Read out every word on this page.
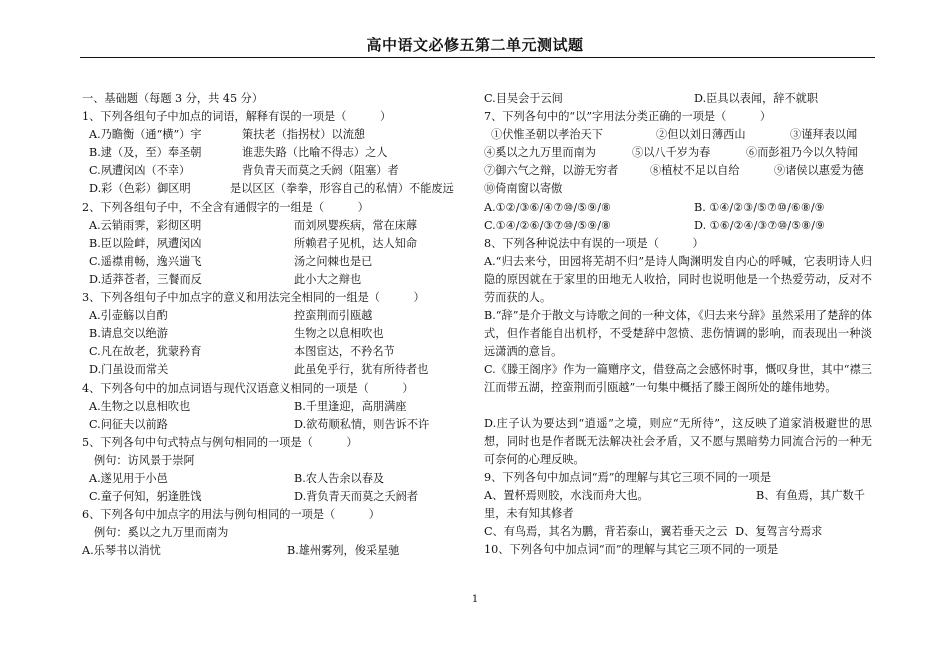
高中语文必修五第二单元测试题
一、基础题（每题 3 分，共 45 分）
1、下列各组句子中加点的词语，解释有误的一项是（　　　）
A.乃瞻衡（通“横”）宇	策扶老（指拐杖）以流憩
B.逮（及，至）奉圣朝	谁悲失路（比喻不得志）之人
C.夙遭闵凶（不幸）	背负青天而莫之夭阏（阻塞）者
D.彩（色彩）御区明	是以区区（拳拳，形容自己的私情）不能废远
2、下列各组句子中，不全含有通假字的一组是（　　　）
A.云销雨霁，彩彻区明	而刘夙婴疾病，常在床蓐
B.臣以险衅，夙遭闵凶	所赖君子见机，达人知命
C.遥襟甫畅，逸兴遄飞	汤之问棘也是已
D.适莽苍者，三餐而反	此小大之辩也
3、下列各组句子中加点字的意义和用法完全相同的一组是（　　　）
A.引壶觞以自酌	控蛮荆而引瓯越
B.请息交以绝游	生物之以息相吹也
C.凡在故老，犹蒙矜育	本图宦达，不矜名节
D.门虽设而常关	此虽免乎行，犹有所待者也
4、下列各句中的加点词语与现代汉语意义相同的一项是（　　　）
A.生物之以息相吹也	B.千里逢迎，高朋满座
C.问征夫以前路	D.欲苟顺私情，则告诉不许
5、下列各句中句式特点与例句相同的一项是（　　　）
例句：访风景于崇阿
A.遂见用于小邑	B.农人告余以春及
C.童子何知，躬逢胜饯	D.背负青天而莫之夭阏者
6、下列各句中加点字的用法与例句相同的一项是（　　　）
例句：奚以之九万里而南为
A.乐琴书以消忧	B.雄州雾列，俊采星驰
C.目吴会于云间	D.臣具以表闻，辞不就职
7、下列各句中的“以”字用法分类正确的一项是（　　　）
①伏惟圣朝以孝治天下	②但以刘日薄西山	③谨拜表以闻
④奚以之九万里而南为	⑤以八千岁为春	⑥而彭祖乃今以久特闻
⑦御六气之辩，以游无穷者	⑧植杖不足以自给	⑨诸侯以惠爱为德
⑩倚南窗以寄傲
A.①②/③⑥/④⑦⑩/⑤⑨/⑧	B. ①④/②③/⑤⑦⑩/⑥⑧/⑨
C.①④/②⑥/③⑦⑩/⑤⑨/⑧	D. ①⑥/②④/③⑦⑩/⑤⑧/⑨
8、下列各种说法中有误的一项是（　　　）
A.“归去来兮，田园将芜胡不归”是诗人陶渊明发自内心的呼喊，它表明诗人归隐的原因就在于家里的田地无人收拾，同时也说明他是一个热爱劳动，反对不劳而获的人。
B.“辞”是介于散文与诗歌之间的一种文体，《归去来兮辞》虽然采用了楚辞的体式，但作者能自出机杼，不受楚辞中忽愤、悲伤情调的影响，而表现出一种淡远潇洒的意旨。
C.《滕王阁序》作为一篇赠序文，借登高之会感怀时事，慨叹身世，其中“襟三江而带五湖，控蛮荆而引瓯越”一句集中概括了滕王阁所处的雄伟地势。
D.庄子认为要达到“逍遥”之境，则应“无所待”，这反映了道家消极避世的思想，同时也是作者既无法解决社会矛盾，又不愿与黑暗势力同流合污的一种无可奈何的心理反映。
9、下列各句中加点词“焉”的理解与其它三项不同的一项是
A、置杯焉则胶，水浅而舟大也。	B、有鱼焉，其广数千
里，未有知其修者
C、有鸟焉，其名为鹏，背若泰山，翼若垂天之云 D、复驾言兮焉求
10、下列各句中加点词“而”的理解与其它三项不同的一项是
1
